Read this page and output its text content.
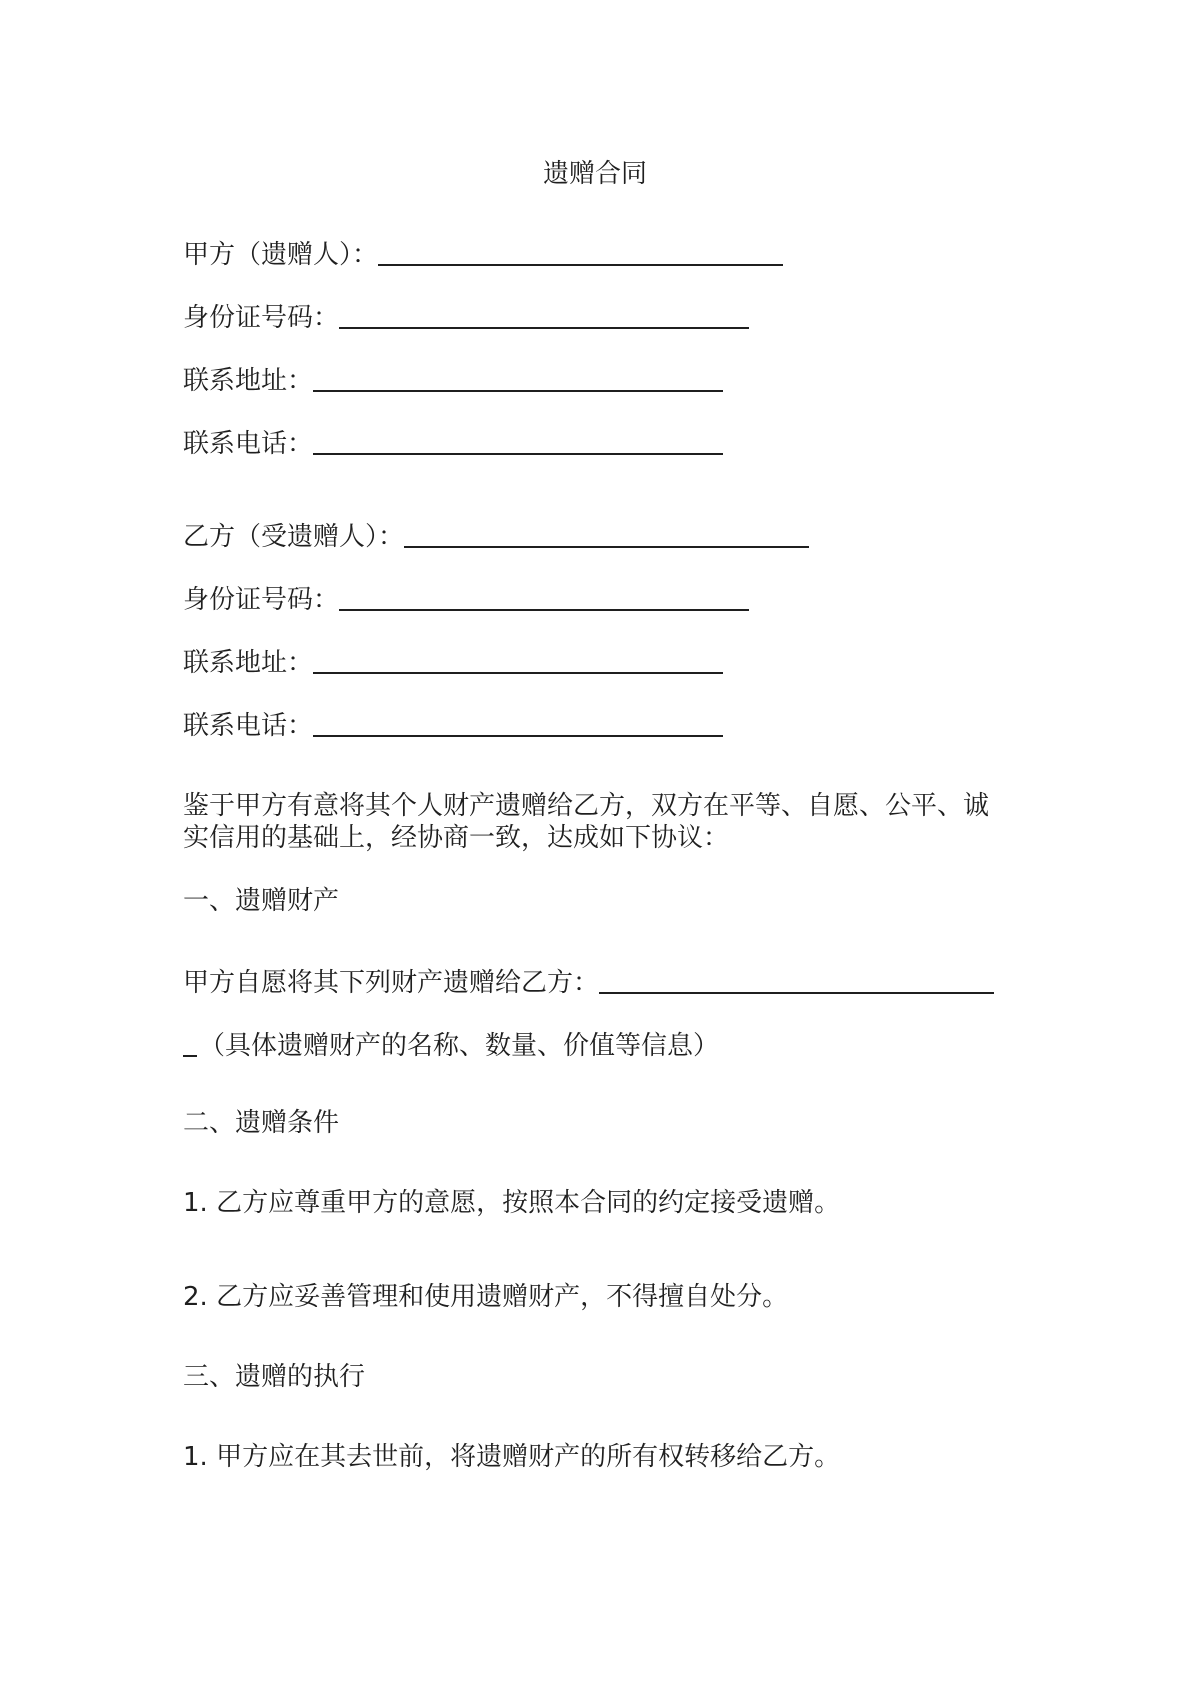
遗赠合同
甲方（遗赠人）：
身份证号码：
联系地址：
联系电话：
乙方（受遗赠人）：
身份证号码：
联系地址：
联系电话：
鉴于甲方有意将其个人财产遗赠给乙方，双方在平等、自愿、公平、诚实信用的基础上，经协商一致，达成如下协议：
一、遗赠财产
甲方自愿将其下列财产遗赠给乙方：
（具体遗赠财产的名称、数量、价值等信息）
二、遗赠条件
1. 乙方应尊重甲方的意愿，按照本合同的约定接受遗赠。
2. 乙方应妥善管理和使用遗赠财产，不得擅自处分。
三、遗赠的执行
1. 甲方应在其去世前，将遗赠财产的所有权转移给乙方。
